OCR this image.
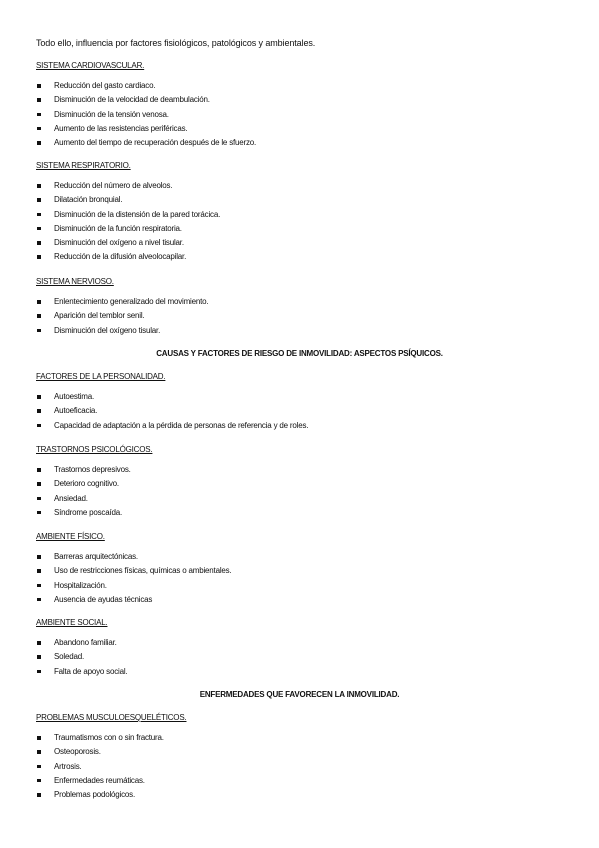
Todo ello, influencia por factores fisiológicos, patológicos y ambientales.
SISTEMA CARDIOVASCULAR.
Reducción del gasto cardiaco.
Disminución de la velocidad de deambulación.
Disminución de la tensión venosa.
Aumento de las resistencias periféricas.
Aumento del tiempo de recuperación después de le sfuerzo.
SISTEMA RESPIRATORIO.
Reducción del número de alveolos.
Dilatación bronquial.
Disminución de la distensión de la pared torácica.
Disminución de la función respiratoria.
Disminución del oxígeno a nivel tisular.
Reducción de la difusión alveolocapilar.
SISTEMA NERVIOSO.
Enlentecimiento generalizado del movimiento.
Aparición del temblor senil.
Disminución del oxígeno tisular.
CAUSAS Y FACTORES DE RIESGO DE INMOVILIDAD: ASPECTOS PSÍQUICOS.
FACTORES DE LA PERSONALIDAD.
Autoestima.
Autoeficacia.
Capacidad de adaptación a la pérdida de personas de referencia y de roles.
TRASTORNOS PSICOLÓGICOS.
Trastornos depresivos.
Deterioro cognitivo.
Ansiedad.
Síndrome poscaída.
AMBIENTE FÍSICO.
Barreras arquitectónicas.
Uso de restricciones físicas, químicas o ambientales.
Hospitalización.
Ausencia de ayudas técnicas
AMBIENTE SOCIAL.
Abandono familiar.
Soledad.
Falta de apoyo social.
ENFERMEDADES QUE FAVORECEN LA INMOVILIDAD.
PROBLEMAS MUSCULOESQUELÉTICOS.
Traumatismos con o sin fractura.
Osteoporosis.
Artrosis.
Enfermedades reumáticas.
Problemas podológicos.
